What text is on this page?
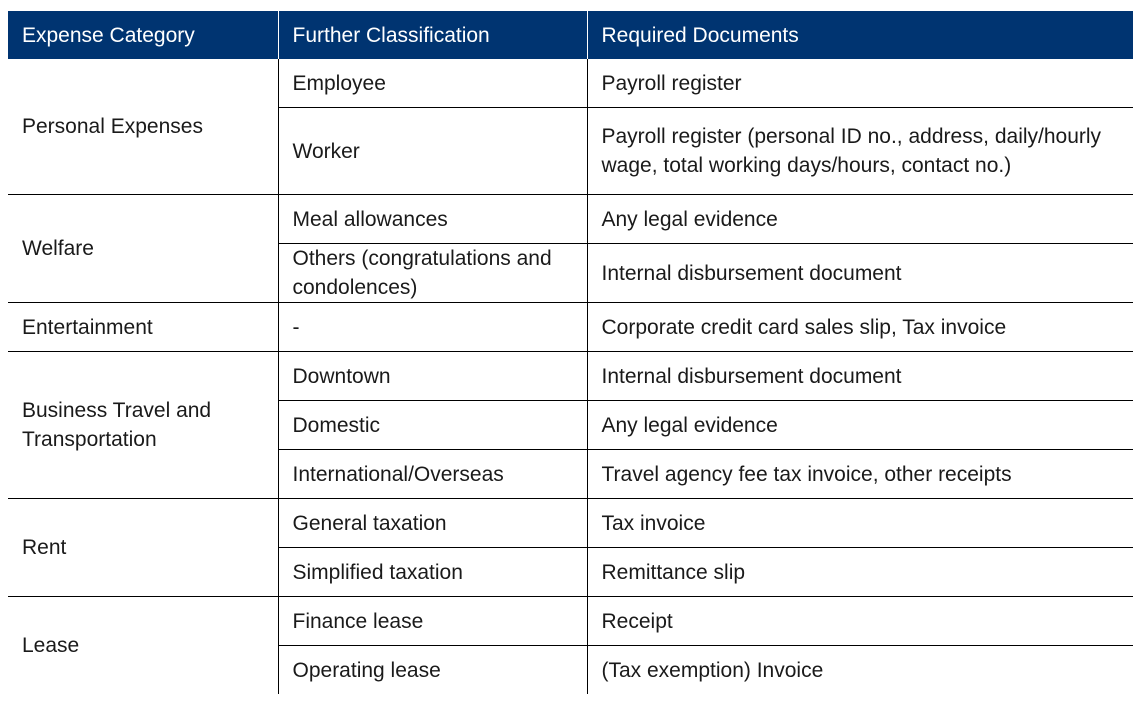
Expense Category	Further Classification	Required Documents
Personal Expenses	Employee	Payroll register
	Worker	Payroll register (personal ID no., address, daily/hourly wage, total working days/hours, contact no.)
Welfare	Meal allowances	Any legal evidence
	Others (congratulations and condolences)	Internal disbursement document
Entertainment	-	Corporate credit card sales slip, Tax invoice
Business Travel and Transportation	Downtown	Internal disbursement document
	Domestic	Any legal evidence
	International/Overseas	Travel agency fee tax invoice, other receipts
Rent	General taxation	Tax invoice
	Simplified taxation	Remittance slip
Lease	Finance lease	Receipt
	Operating lease	(Tax exemption) Invoice
